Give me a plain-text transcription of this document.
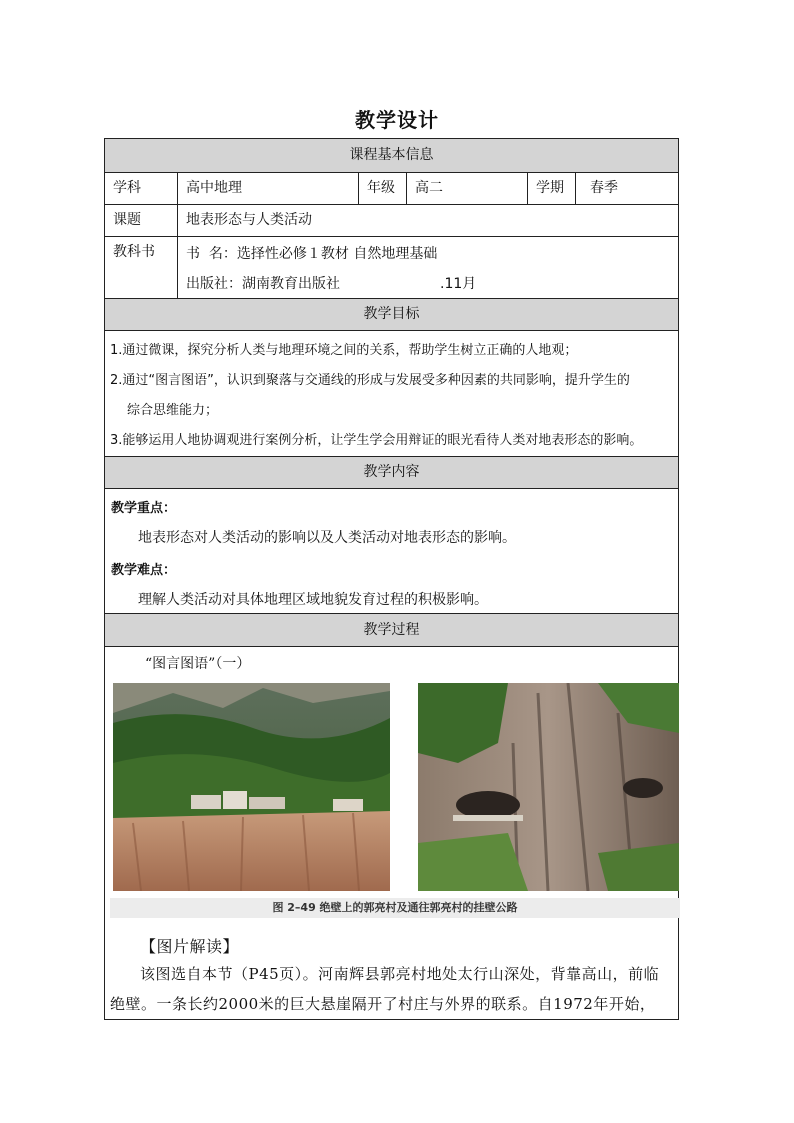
教学设计
课程基本信息
学科	高中地理	年级	高二	学期	春季
课题	地表形态与人类活动
教科书	书  名：选择性必修１教材 自然地理基础
出版社：湖南教育出版社	.11月
教学目标
1.通过微课，探究分析人类与地理环境之间的关系，帮助学生树立正确的人地观；
2.通过“图言图语”，认识到聚落与交通线的形成与发展受多种因素的共同影响，提升学生的
综合思维能力；
3.能够运用人地协调观进行案例分析，让学生学会用辩证的眼光看待人类对地表形态的影响。
教学内容
教学重点：
地表形态对人类活动的影响以及人类活动对地表形态的影响。
教学难点：
理解人类活动对具体地理区域地貌发育过程的积极影响。
教学过程
“图言图语”（一）
图 2–49 绝壁上的郭亮村及通往郭亮村的挂壁公路
【图片解读】
该图选自本节（P45页）。河南辉县郭亮村地处太行山深处，背靠高山，前临
绝壁。一条长约2000米的巨大悬崖隔开了村庄与外界的联系。自1972年开始，
